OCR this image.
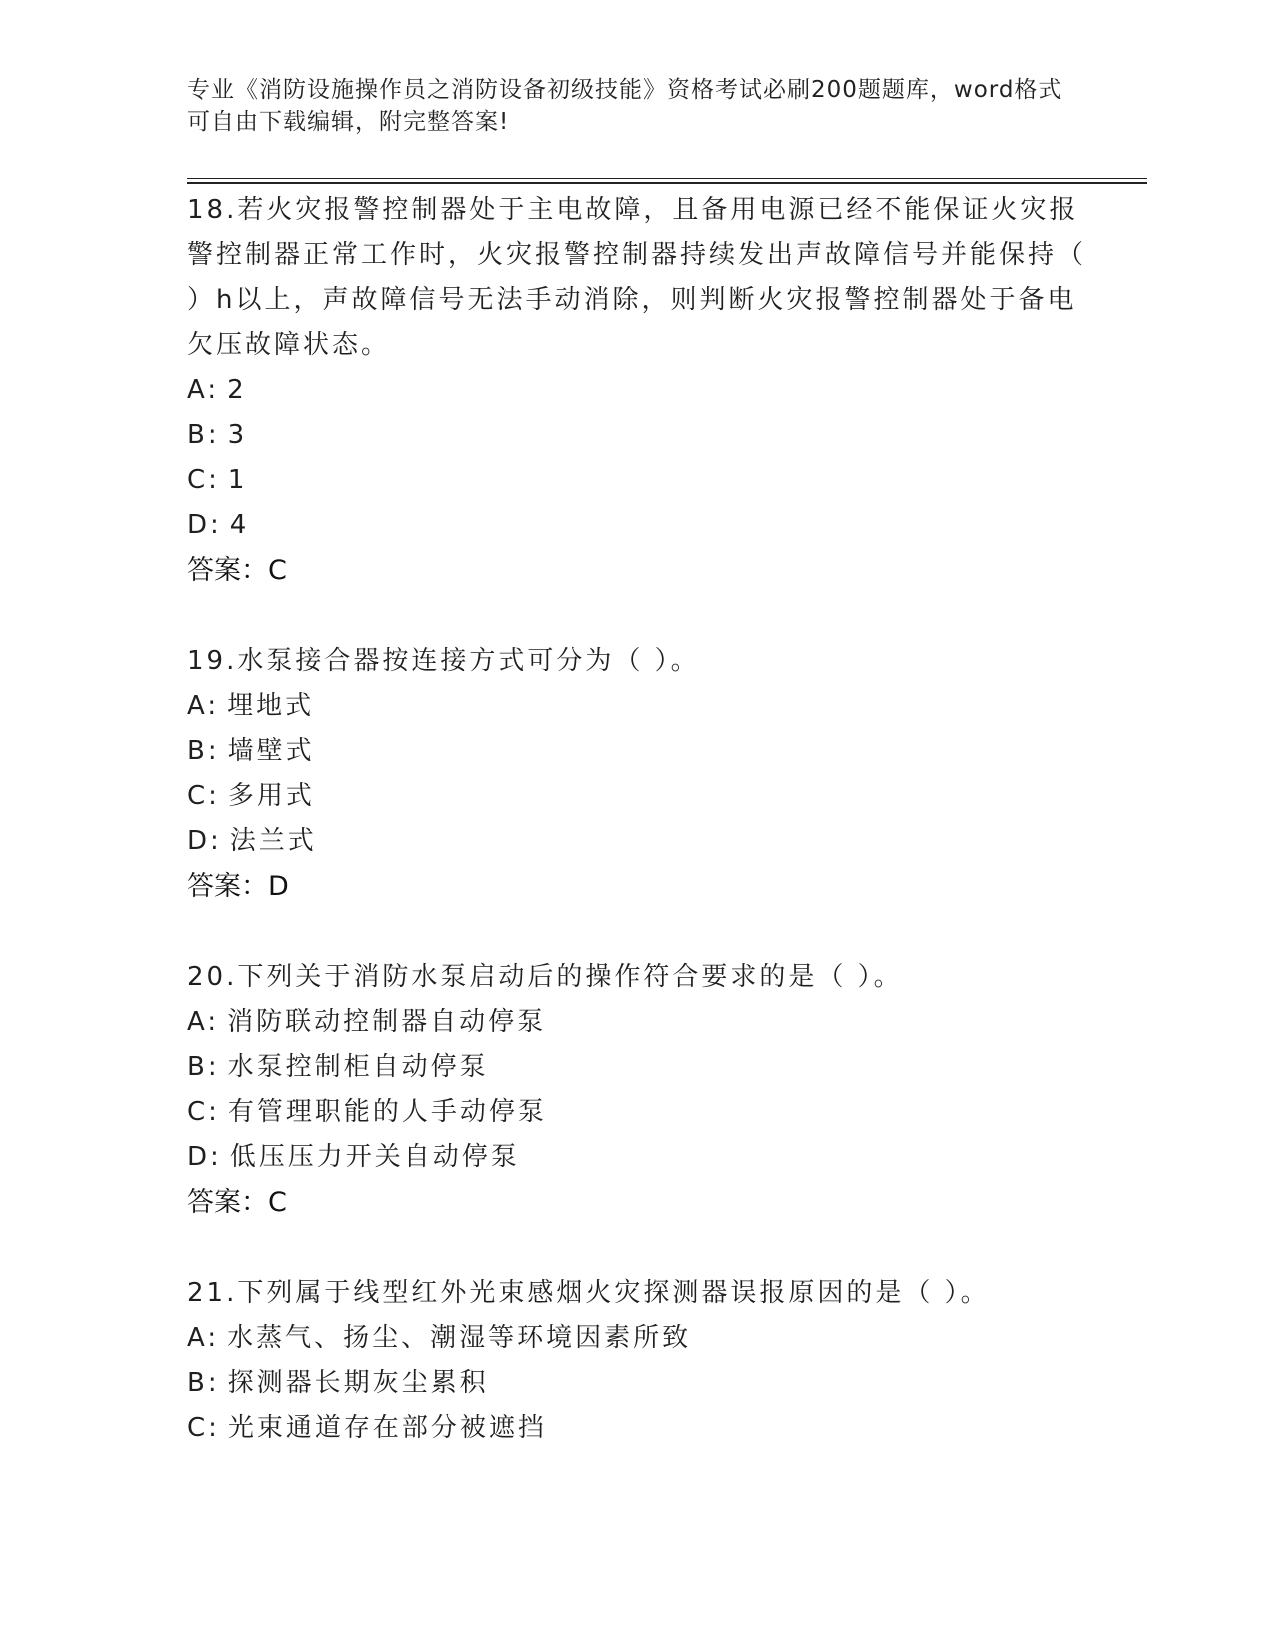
专业《消防设施操作员之消防设备初级技能》资格考试必刷200题题库，word格式可自由下载编辑，附完整答案!

18.若火灾报警控制器处于主电故障，且备用电源已经不能保证火灾报警控制器正常工作时，火灾报警控制器持续发出声故障信号并能保持（ ）h以上，声故障信号无法手动消除，则判断火灾报警控制器处于备电欠压故障状态。

A: 2
B: 3
C: 1
D: 4

答案：C

19.水泵接合器按连接方式可分为（ ）。

A: 埋地式
B: 墙壁式
C: 多用式
D: 法兰式

答案：D

20.下列关于消防水泵启动后的操作符合要求的是（ ）。

A: 消防联动控制器自动停泵
B: 水泵控制柜自动停泵
C: 有管理职能的人手动停泵
D: 低压压力开关自动停泵

答案：C

21.下列属于线型红外光束感烟火灾探测器误报原因的是（ ）。

A: 水蒸气、扬尘、潮湿等环境因素所致
B: 探测器长期灰尘累积
C: 光束通道存在部分被遮挡
